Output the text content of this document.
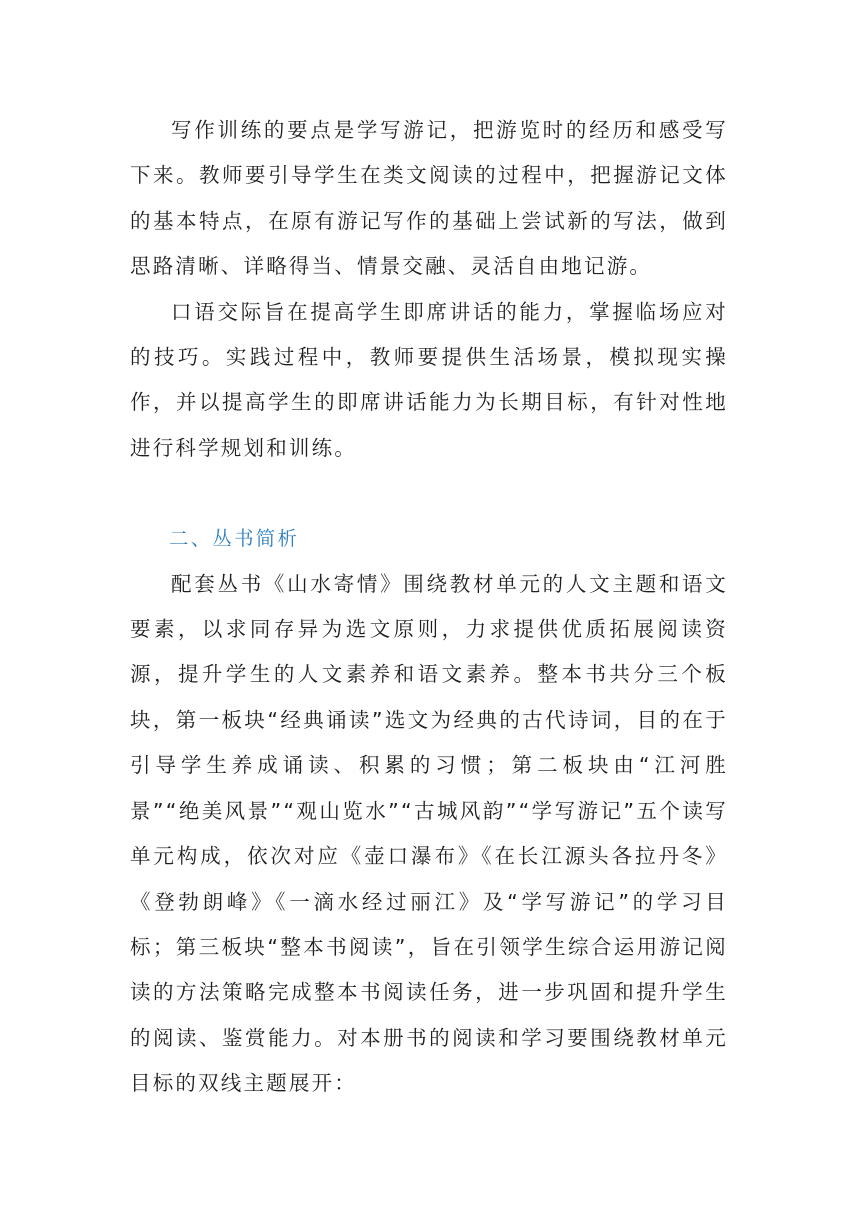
写作训练的要点是学写游记，把游览时的经历和感受写下来。教师要引导学生在类文阅读的过程中，把握游记文体的基本特点，在原有游记写作的基础上尝试新的写法，做到思路清晰、详略得当、情景交融、灵活自由地记游。

口语交际旨在提高学生即席讲话的能力，掌握临场应对的技巧。实践过程中，教师要提供生活场景，模拟现实操作，并以提高学生的即席讲话能力为长期目标，有针对性地进行科学规划和训练。

二、丛书简析

配套丛书《山水寄情》围绕教材单元的人文主题和语文要素，以求同存异为选文原则，力求提供优质拓展阅读资源，提升学生的人文素养和语文素养。整本书共分三个板块，第一板块“经典诵读”选文为经典的古代诗词，目的在于引导学生养成诵读、积累的习惯；第二板块由“江河胜景”“绝美风景”“观山览水”“古城风韵”“学写游记”五个读写单元构成，依次对应《壶口瀑布》《在长江源头各拉丹冬》《登勃朗峰》《一滴水经过丽江》及“学写游记”的学习目标；第三板块“整本书阅读”，旨在引领学生综合运用游记阅读的方法策略完成整本书阅读任务，进一步巩固和提升学生的阅读、鉴赏能力。对本册书的阅读和学习要围绕教材单元目标的双线主题展开：
